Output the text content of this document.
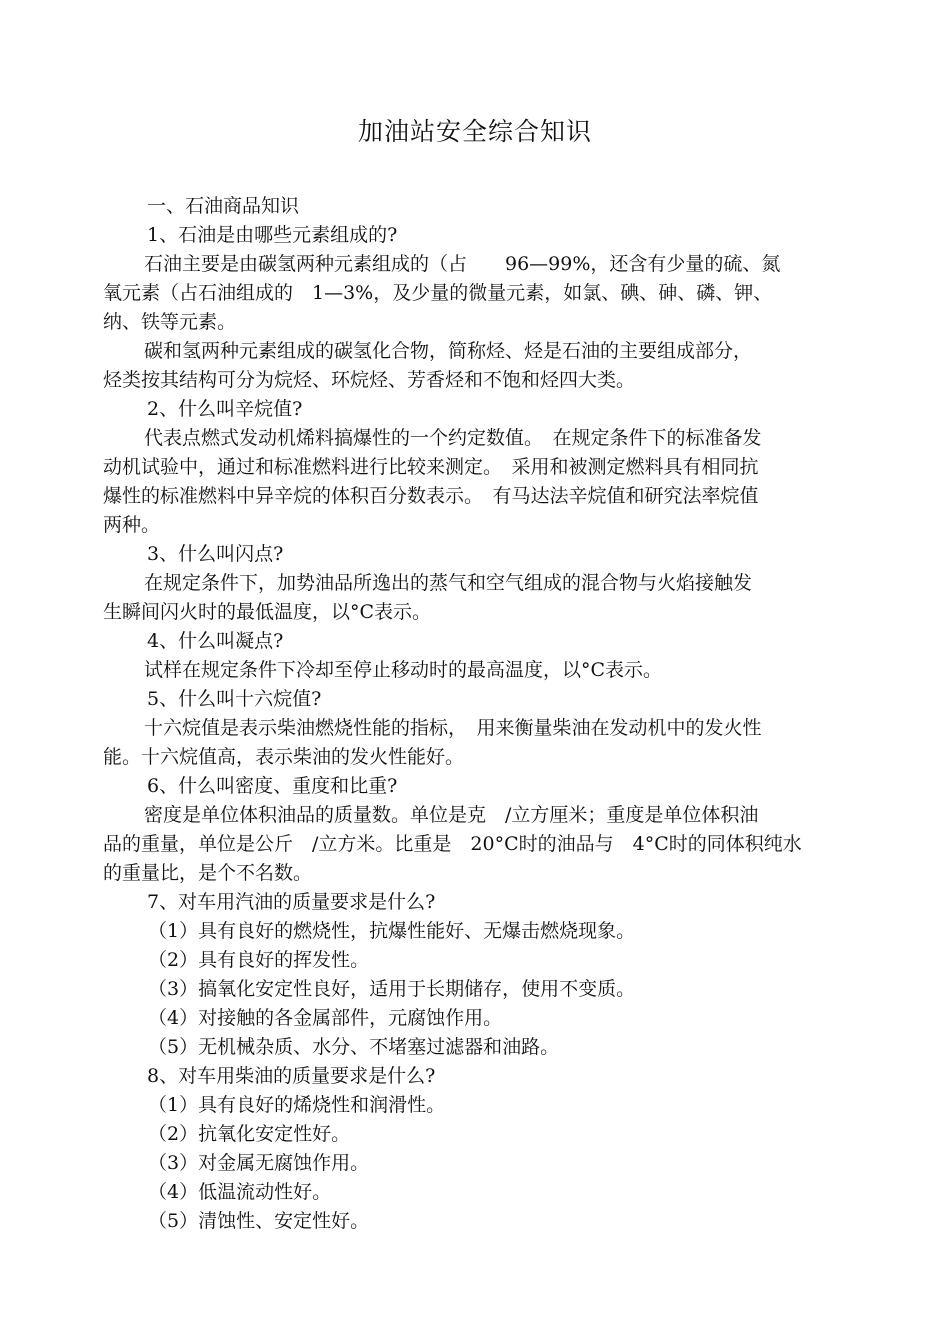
加油站安全综合知识
一、石油商品知识
1、石油是由哪些元素组成的?
石油主要是由碳氢两种元素组成的（占　　96—99%，还含有少量的硫、氮
氧元素（占石油组成的　1—3%，及少量的微量元素，如氯、碘、砷、磷、钾、
纳、铁等元素。
碳和氢两种元素组成的碳氢化合物，简称烃、烃是石油的主要组成部分，
烃类按其结构可分为烷烃、环烷烃、芳香烃和不饱和烃四大类。
2、什么叫辛烷值?
代表点燃式发动机烯料搞爆性的一个约定数值。　在规定条件下的标准备发
动机试验中，通过和标准燃料进行比较来测定。　采用和被测定燃料具有相同抗
爆性的标准燃料中异辛烷的体积百分数表示。　有马达法辛烷值和研究法率烷值
两种。
3、什么叫闪点?
在规定条件下，加势油品所逸出的蒸气和空气组成的混合物与火焰接触发
生瞬间闪火时的最低温度，以°C表示。
4、什么叫凝点?
试样在规定条件下冷却至停止移动时的最高温度，以°C表示。
5、什么叫十六烷值?
十六烷值是表示柴油燃烧性能的指标，　用来衡量柴油在发动机中的发火性
能。十六烷值高，表示柴油的发火性能好。
6、什么叫密度、重度和比重?
密度是单位体积油品的质量数。单位是克　/立方厘米；重度是单位体积油
品的重量，单位是公斤　/立方米。比重是　20°C时的油品与　4°C时的同体积纯水
的重量比，是个不名数。
7、对车用汽油的质量要求是什么?
（1）具有良好的燃烧性，抗爆性能好、无爆击燃烧现象。
（2）具有良好的挥发性。
（3）搞氧化安定性良好，适用于长期储存，使用不变质。
（4）对接触的各金属部件，元腐蚀作用。
（5）无机械杂质、水分、不堵塞过滤器和油路。
8、对车用柴油的质量要求是什么?
（1）具有良好的烯烧性和润滑性。
（2）抗氧化安定性好。
（3）对金属无腐蚀作用。
（4）低温流动性好。
（5）清蚀性、安定性好。
